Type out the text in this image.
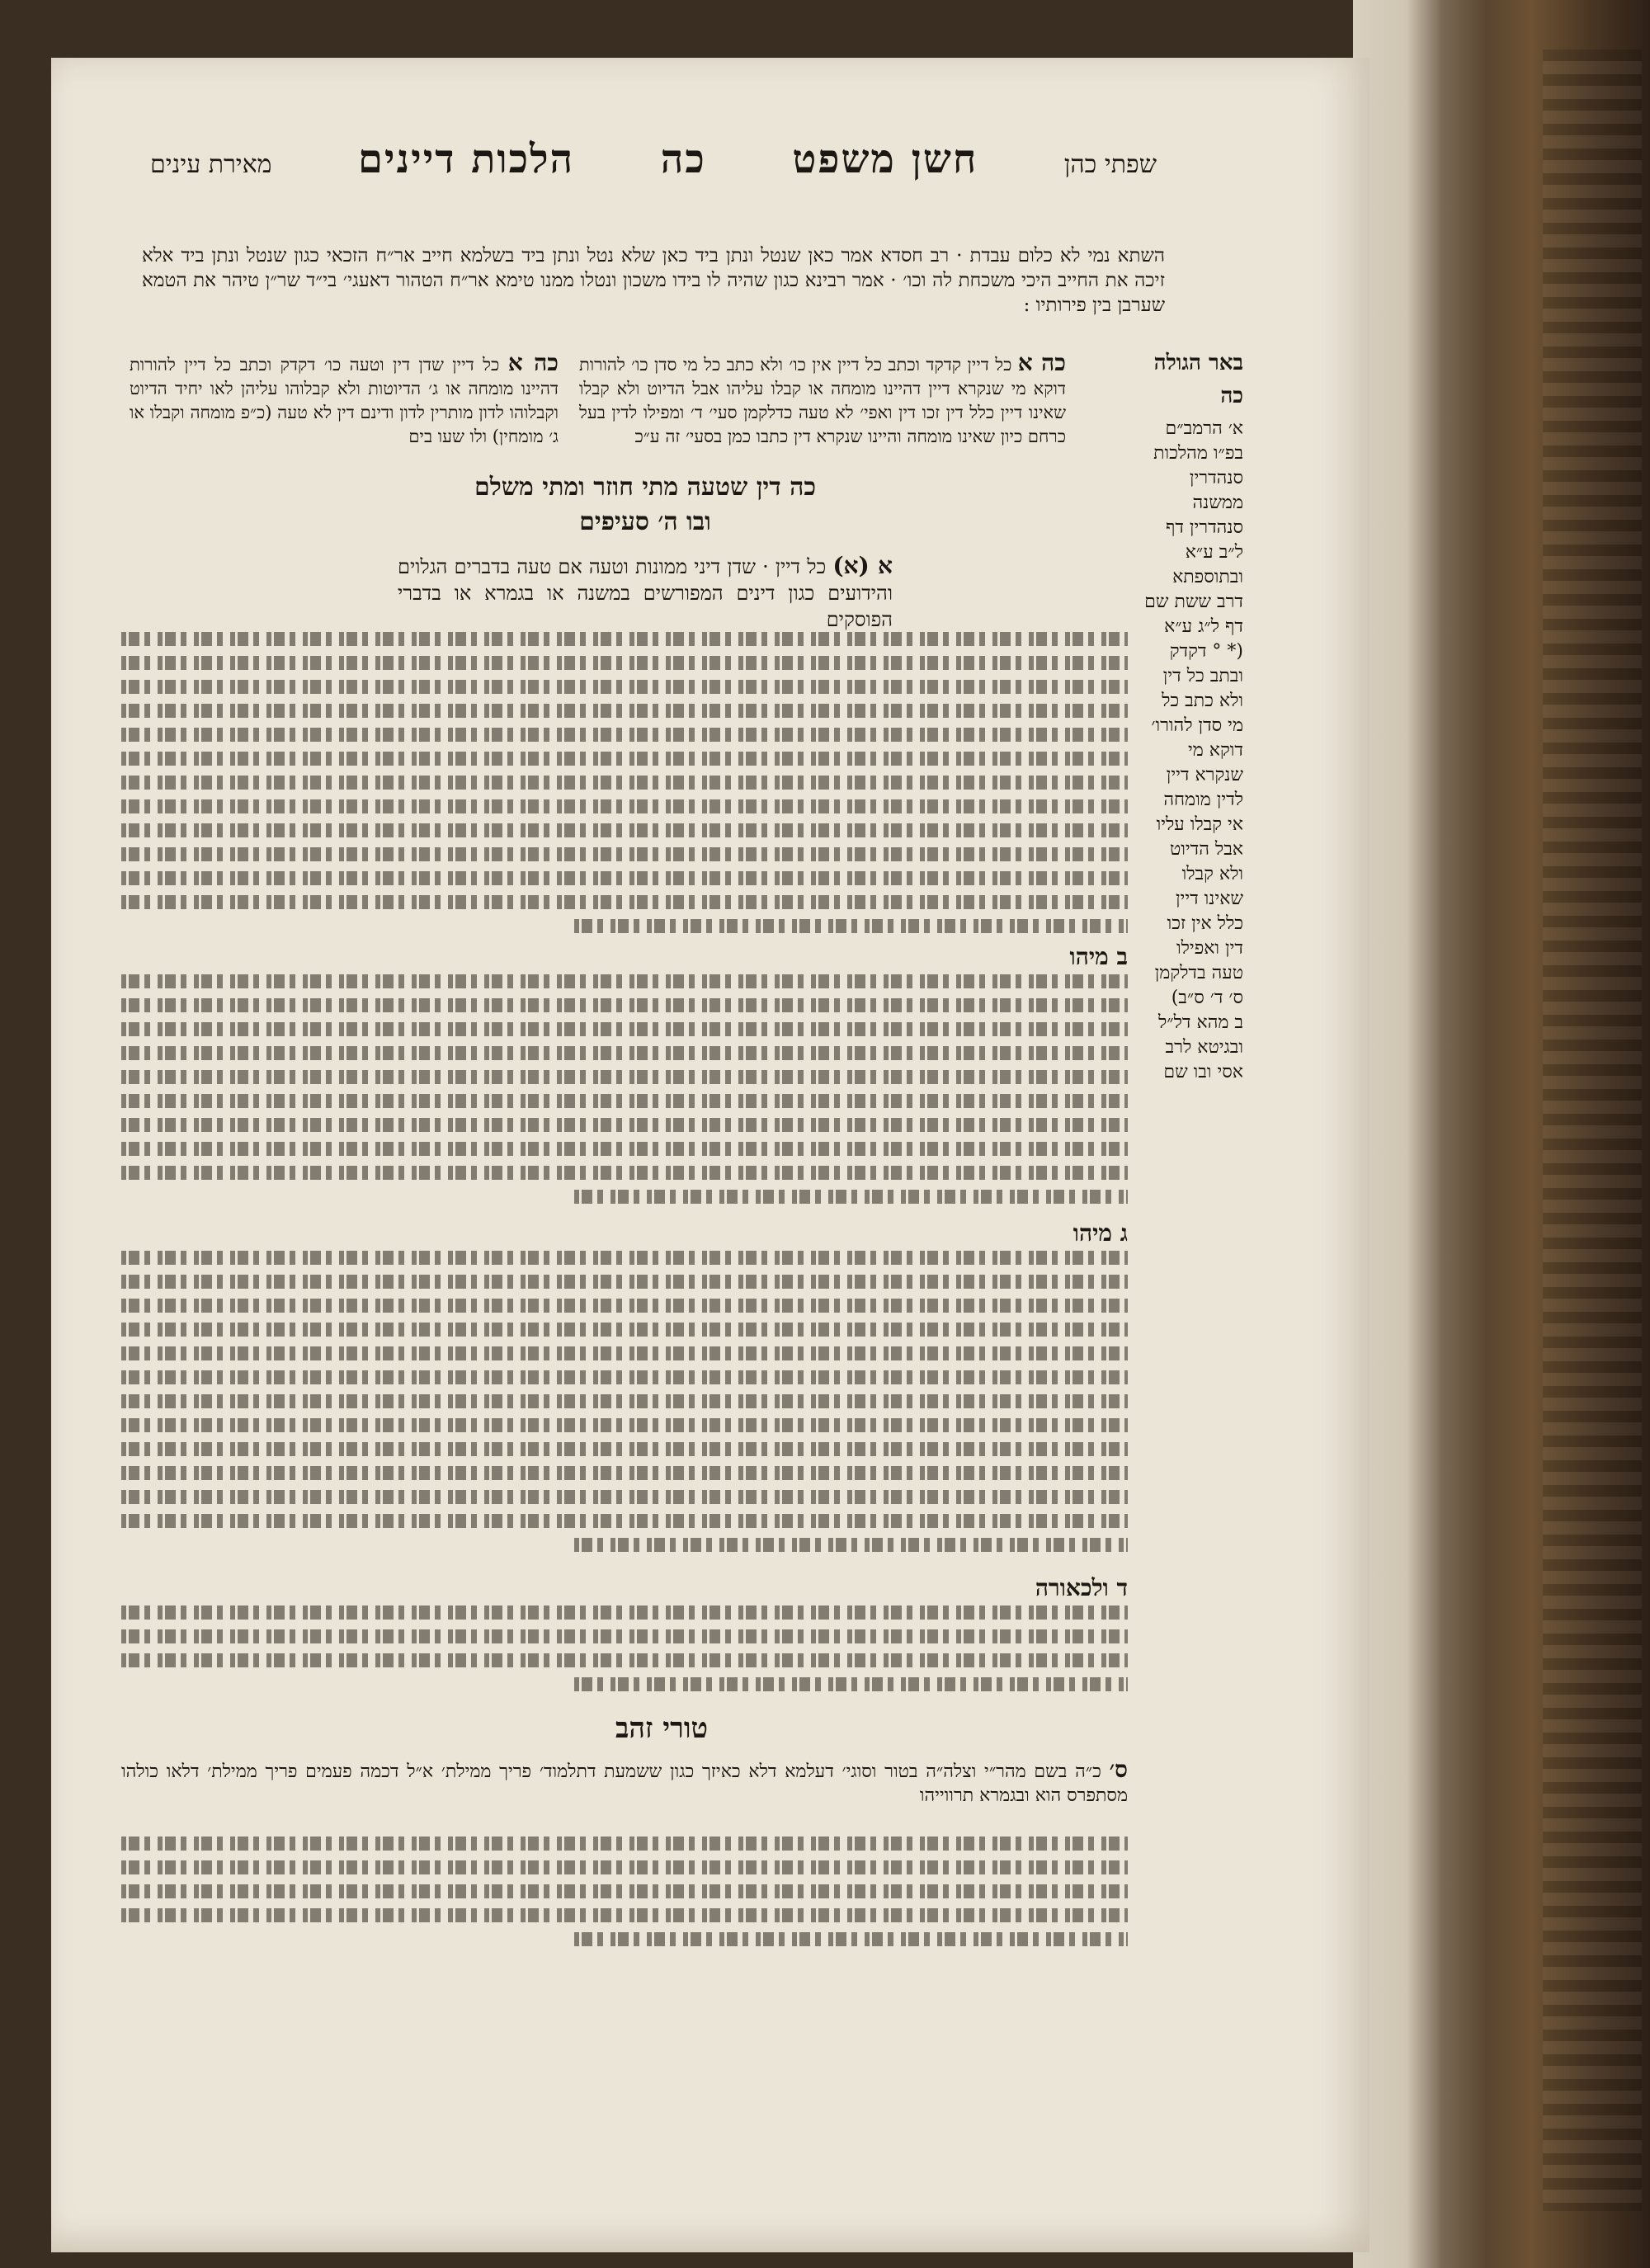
שפתי כהן
חשן משפט
כה
הלכות דיינים
מאירת עינים
השתא נמי לא כלום עבדת · רב חסדא אמר כאן שנטל ונתן ביד כאן שלא נטל ונתן ביד בשלמא חייב אר״ח הזכאי כגון שנטל ונתן ביד אלא זיכה את החייב היכי משכחת לה וכו׳ · אמר רבינא כגון שהיה לו בידו משכון ונטלו ממנו טימא אר״ח הטהור דאעגי׳ בי״ד שר״ן טיהר את הטמא שערבן בין פירותיו :
באר הגולה
כה
א׳ הרמב״ם
בפ״ו מהלכות
סנהדרין
ממשנה
סנהדרין דף
ל״ב ע״א
ובתוספתא
דרב ששת שם
דף ל״ג ע״א
(* ° דקדק
ובתב כל דין
ולא כתב כל
מי סדן להורו׳
דוקא מי
שנקרא דיין
לדין מומחה
אי קבלו עליו
אבל הדיוט
ולא קבלו
שאינו דיין
כלל אין זכו
דין ואפילו
טעה בדלקמן
ס׳ ד׳ ס״ב)
ב מהא דל״ל
ובגיטא לרב
אסי ובו שם
כה א כל דיין קדקד וכתב כל דיין אין כו׳ ולא כתב כל מי סדן כו׳ להורות דוקא מי שנקרא דיין דהיינו מומחה או קבלו עליהו אבל הדיוט ולא קבלו שאינו דיין כלל דין זכו דין ואפי׳ לא טעה כדלקמן סעי׳ ד׳ ומפילו לדין בעל כרחם כיון שאינו מומחה והיינו שנקרא דין כתבו כמן בסעי׳ זה ע״כ
כה א כל דיין שדן דין וטעה כו׳ דקדק וכתב כל דיין להורות דהיינו מומחה או ג׳ הדיוטות ולא קבלוהו עליהן לאו יחיד הדיוט וקבלוהו לדון מותרין לדון ודינם דין לא טעה (כ״פ מומחה וקבלו או ג׳ מומחין) ולו שעו בים
כה דין שטעה מתי חוזר ומתי משלם
ובו ה׳ סעיפים
א (א) כל דיין · שדן דיני ממונות וטעה אם טעה בדברים הגלוים והידועים כגון דינים המפורשים במשנה או בגמרא או בדברי הפוסקים
ב מיהו
ג מיהו
ד ולכאורה
טורי זהב
ס׳ כ״ה בשם מהר״י וצלה״ה בטור וסוגי׳ דעלמא דלא כאיזך כגון ששמעת דתלמוד׳ פריך ממילת׳ א״ל דכמה פעמים פריך ממילת׳ דלאו כולהו מסתפרס הוא ובגמרא תרווייהו
